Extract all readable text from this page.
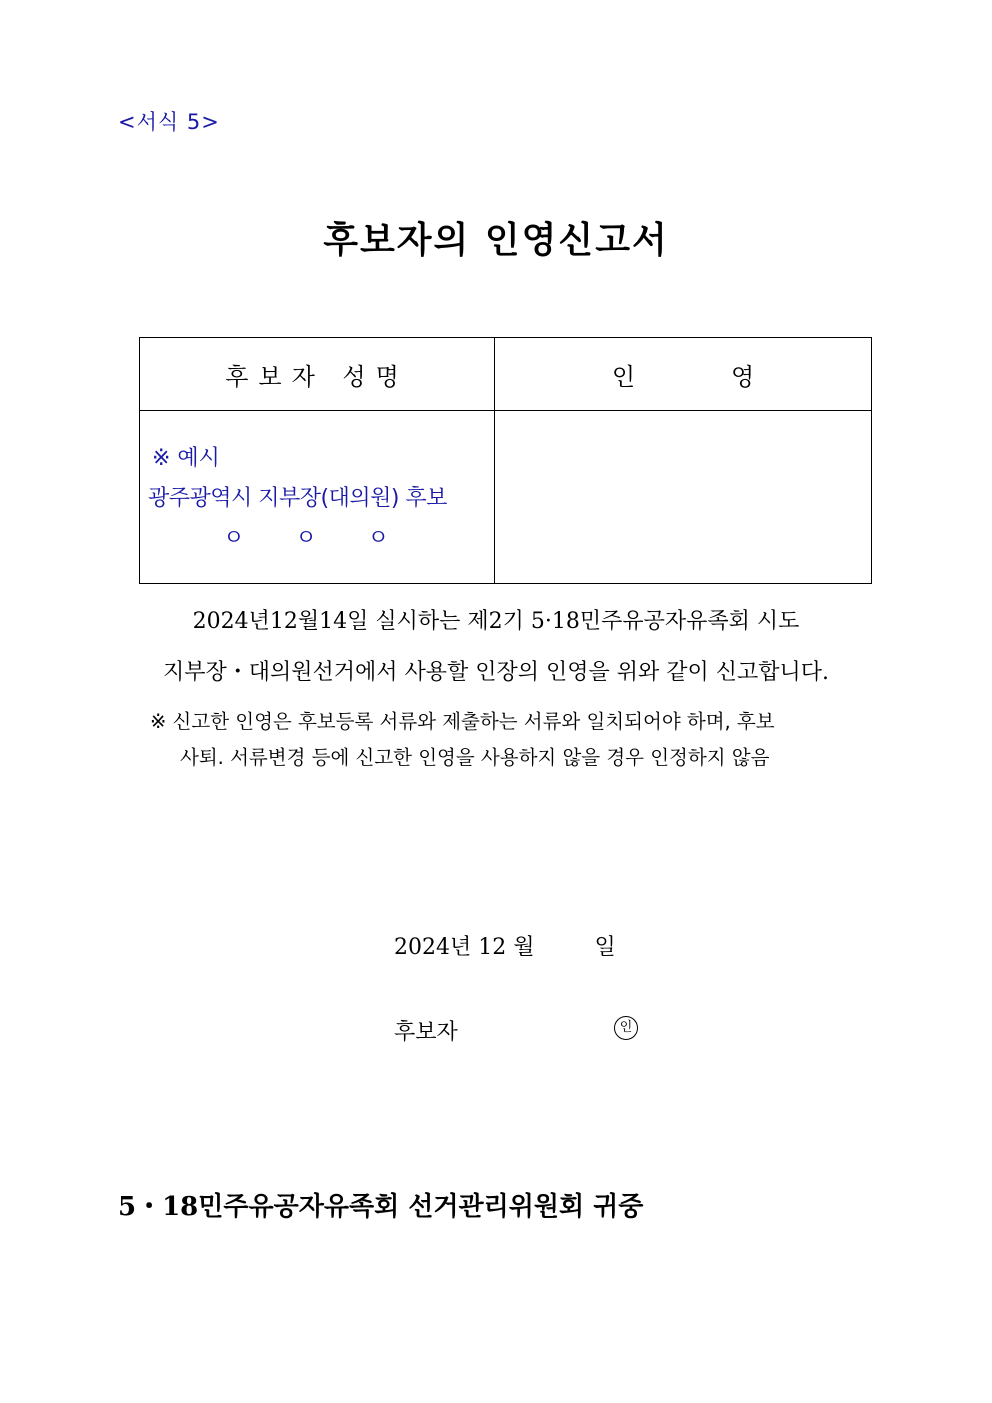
<서식 5>
후보자의 인영신고서
후보자 성명	인 영

※ 예시
광주광역시 지부장(대의원) 후보
ㅇ ㅇ ㅇ	

2024년12월14일 실시하는 제2기 5·18민주유공자유족회 시도
지부장・대의원선거에서 사용할 인장의 인영을 위와 같이 신고합니다.
※ 신고한 인영은 후보등록 서류와 제출하는 서류와 일치되어야 하며, 후보
사퇴. 서류변경 등에 신고한 인영을 사용하지 않을 경우 인정하지 않음
2024년 12 월	일
후보자	인
5・18민주유공자유족회 선거관리위원회 귀중
